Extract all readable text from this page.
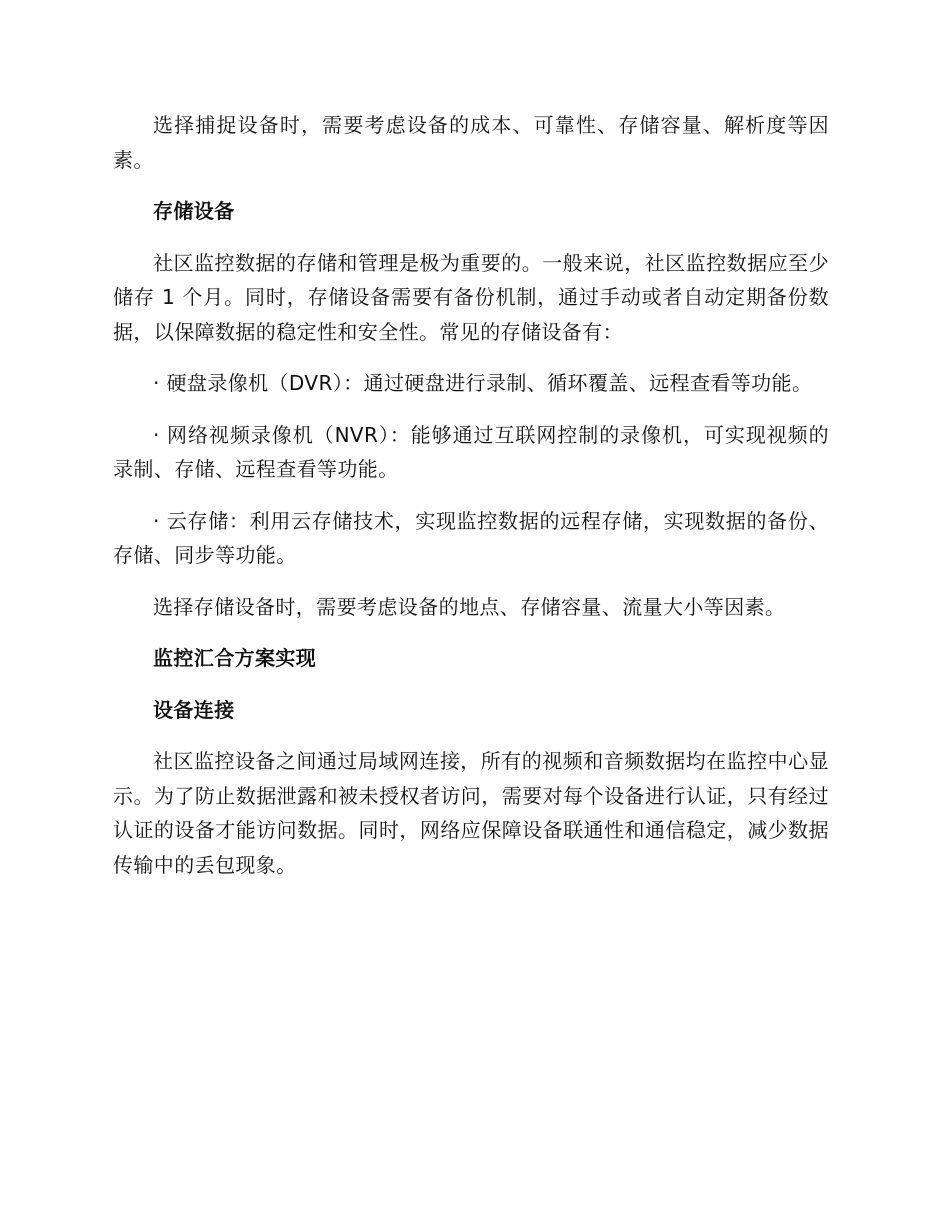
选择捕捉设备时，需要考虑设备的成本、可靠性、存储容量、解析度等因素。

存储设备

社区监控数据的存储和管理是极为重要的。一般来说，社区监控数据应至少储存 1 个月。同时，存储设备需要有备份机制，通过手动或者自动定期备份数据，以保障数据的稳定性和安全性。常见的存储设备有：

· 硬盘录像机（DVR）：通过硬盘进行录制、循环覆盖、远程查看等功能。

· 网络视频录像机（NVR）：能够通过互联网控制的录像机，可实现视频的录制、存储、远程查看等功能。

· 云存储：利用云存储技术，实现监控数据的远程存储，实现数据的备份、存储、同步等功能。

选择存储设备时，需要考虑设备的地点、存储容量、流量大小等因素。

监控汇合方案实现

设备连接

社区监控设备之间通过局域网连接，所有的视频和音频数据均在监控中心显示。为了防止数据泄露和被未授权者访问，需要对每个设备进行认证，只有经过认证的设备才能访问数据。同时，网络应保障设备联通性和通信稳定，减少数据传输中的丢包现象。
